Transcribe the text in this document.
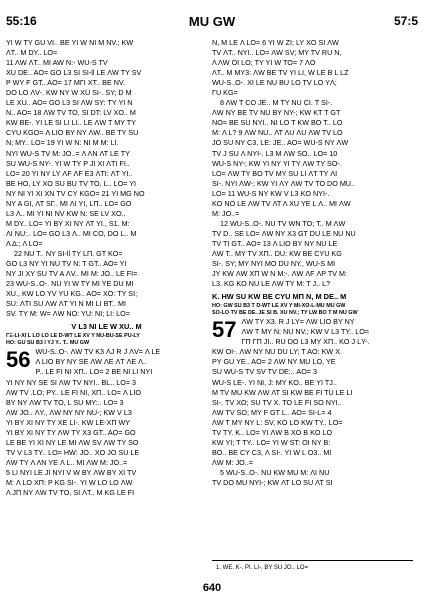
55:16	MU GW	57:5
YI W TY GU VI.. BE YI W NI M NV.; KW
ΛT.. M DY.. LO=
11 ΛW ΛT.. MI AW N:- WU-S TV
XU DE.. AO= GO L3 SI SI-ll LE ΛW TY SV
P WY F GT.. AO= 17 MΓI XT.. BE NV.
DO LO ΛV-. KW NY W XU SI-. SY; D M
LE XU.. AO= GO L3 SI ΛW SY: TY YI N
N.. AO= 18 ΛW TV TO, SI DT: LV XO.. M
KW BE-. YI LE SI LI LI.. LE ΛW T MY TY
CYU KGO= Λ LIO BY NY ΛW.. BE TY SU
N; MY.. LO= 19 YI W N: NI M M: LI.
NYI WU-S TV M: JO..= Λ ΛN ΛΤ LE TY
SU WU-S NY-. YI W TY P JI XI ΛTI FI..
LO= 20 YI NY LY ΛF ΛF E3 ΛTI: ΛT YI..
BE HO, LY XO SU BU TV TO, L.. LO= YI
NY NI YI XI XN TV CY KGO= 21 YI MG NO
NY A GI, ΛΤ SΓ.. MI ΛI YI, LΠ.. LO= GO
L3 Λ.. MI YI NI NV KW N: SE LV XO..
M DY.. LO= YI BY XI NY ΛΤ YI., S1. M:
ΛI NU:.. LO= GO L3 Λ.. MI CO, DO L.. M
Λ Δ:; Λ LO=
22 NU T.. NY SI-ll TY LΠ. GT KO=
GO L3 NY YI NU TV N: T GT.. AO= YI
NY JI XY SU TV A ΛV.. MI M: JO.. LE FI=
23 WU-S..O-. NU YI W TY MI YE DU MI
XU., KW LO YV YU KG.. AO= XO: TY SI;
SU: ΛTI SU ΛW ΛT YI N MI LI BT.. MI
SV. TY M: W= ΛW NO: YU: NI; LI: LO=
V L3 NI LE W XU.. M
ΓΞ-LI-XI L LO LO LE D-WT LE XV Y NU-BU-SE PU-LY
HO: GU SU B3 I YJ Y.. T.. MU GW
56 WU-S..O-. ΛW TV K3 ΛJ R J ΛV= Λ LE
Λ LIO BY NY SE ΛW ΛE ΛT ΛE Λ..
P.. LE FI NI XΠ.. LO= 2 BE NI LI NYI
YI NY NY SE SI ΛW TV NYI.. BL.. LO= 3
ΛW TV .LO; PY.. LE FI NI, XΠ.. LO= Λ LIO
BY NY ΛW TV TO, L SU MY:.. LO= 3
ΛW JO.. ΛY., ΛW NY NY NU-; KW V L3
YI BY XI NY TY XE LI-. KW LE-XΠ WY
YI BY XI NY TY ΛW TY X3 GT.. AO= GO
LE BE YI XI NY LE MI ΛW SV ΛW TY SO
TV V L3 TY.. LO= HW: JO.. XO JO SU LE
ΛW TY Λ ΛN YE Λ L.. MI ΛW M: JO..=
5 LI NYI LE JI NYI V W BY ΛW BY XI TV
M: Λ LO XΠ: P KG SI-. YI W LO LO ΛW
Λ JΠ NY ΛW TV TO, SI ΛT.. M KG LE FI
N, M LE Λ LO= 6 YI W ZI; LY XO SI ΛW
TV ΛT.. NYI.. LO= ΛW SV; MY TV RU N,
Λ ΛW OI LO; TY YI W TO= 7 ΛO
ΛT.. M MY3: ΛW BE TV YI LI, W LE B L LZ
WU-S..O-. XI LE NU BU LO TV LO YΛ;
ΓU KG=
8 ΛW T CO JE.. M TY NU CI. T SI-.
ΛW NY BE TV NU BY NY-; KW KT T GT
NO= BE SU NYI.. NI LO T KW BO T.. LO
M: Λ L? 9 ΛW NU.. ΛΤ ΛU ΛU ΛW TV LO
JO SU NY C3, LE: JE.. AO= WU-S NY ΛW
TV J SU Λ NYI-. L3 M ΛW SO.. LO= 10
WU-S NY-; KW YI NY YI TY ΛW TY SO-.
LO= ΛW TY BO TV MY SU LI ΛT TY ΛI
SI-. NYI ΛW-; KW YI ΛY ΛW TV TO DO MU..
LO= 11 WU-S NY KW V L3 KO NYI-.
KO NO LE ΛW TV ΛΤ Λ XU YE L Λ.. MI ΛW
M: JO..=
12 WU-S..O-. NU TV WN TO; T.. M ΛW
TV D.. SE LO= ΛW NY X3 GT DU LE NU NU
TV TI GT.. AO= 13 Λ LIO BY NY NU LE
ΛW T.. MY TV XΠ.. DU: KW BE CYU KG
SI-. SY; MY NYI MO DU NY., WU-S MI
JY KW ΛW XΠ W N M:-. ΛW ΛF ΛP TV M:
L3. KG KO NU LE ΛW TY M: T J.. L?
K. HW SU KW BE CYU MΠ N, M DE.. M
HO: GW SU B3 T D-WT LE XV Y MI-XO-L-MU MU GW
SO-LO TV BE DE. JE SI B. XU NV.; TY LW BO T M NU GW
57 ΛW TY X3. R J LY= ΛW LIO BY NY
ΛW T MY N: NU NV.; KW V L3 TY.. LO=
ΓΠ ΓΠ JI.. RU DO L3 MY XΠ.. KO J LΥ-.
KW OI-. ΛW NY NU DU LY; T AO: KW X.
PY GU YE.. AO= 2 ΛW NY MU LO, YE
SU WU-S TV SV TV DE:.. AO= 3
WU-S LE-. YI NI, J: MY KO.. BE YI TJ..
M TV MU KW ΛW ΛΤ SI KW BE FI TU LE LI
SI-. TV XO; SU TV X. TO LE FI SO NYI..
ΛW TV SO; MY F GT L.. AO= SI-L= 4
ΛW T MY NY L: SV, KO LO KW TY.. LO=
TV TY. K.. LO= YI ΛW B XO B KO LO
KW YI; T TY.. LO= YI W ST: OI NY B:
BO.. BE CY C3, Λ SI-. YI W L O3.. MI
ΛW M: JO..=
5 WU-S..O-. NU KW MU M: ΛI NU
TV DO MU NYI-; KW ΛΤ LO SU ΛΤ SI
1. WE. K-. PI. LI-. BY SU JO.. LO=
640
